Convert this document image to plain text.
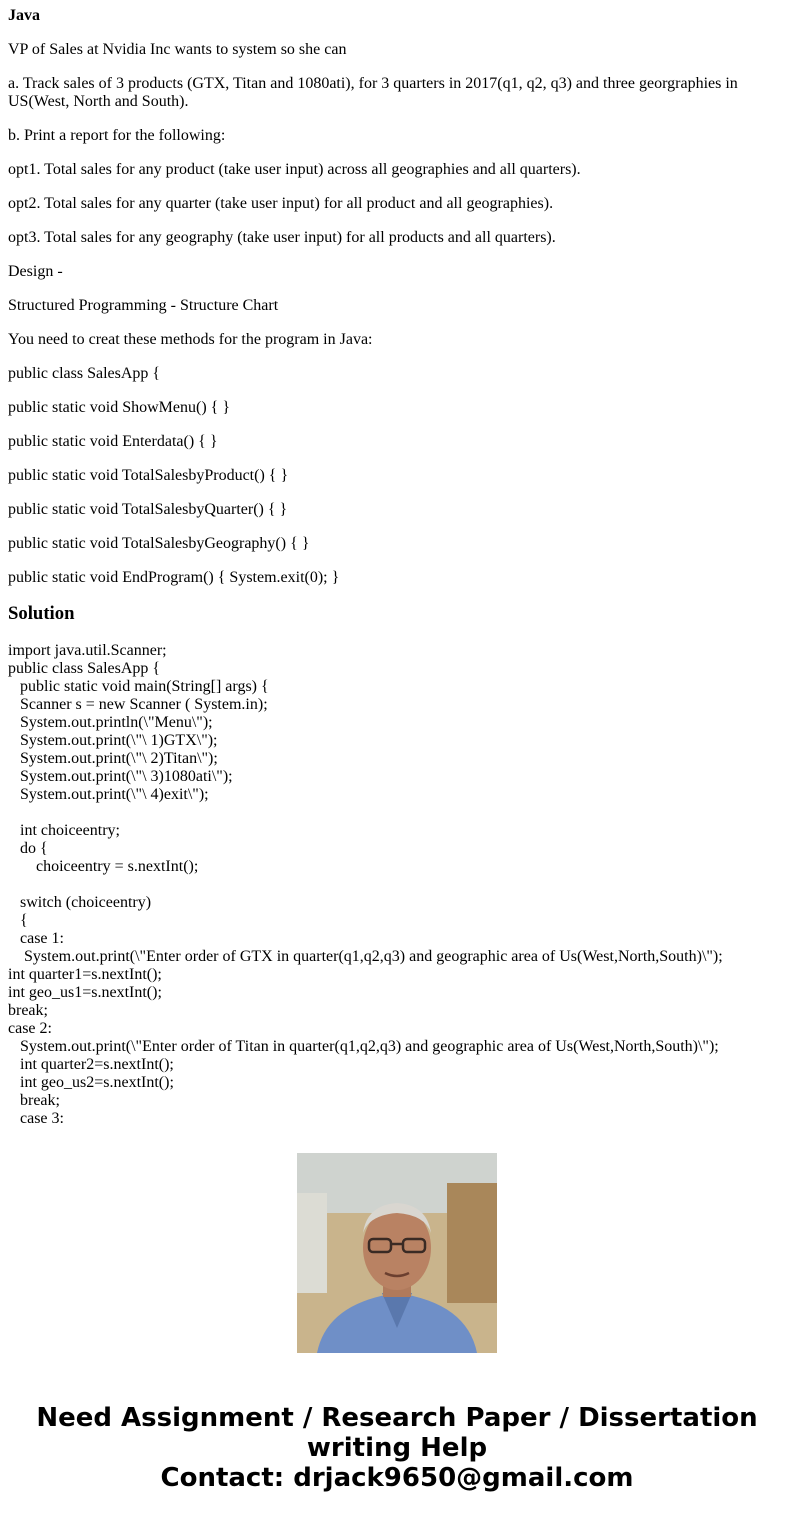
Java

VP of Sales at Nvidia Inc wants to system so she can

a. Track sales of 3 products (GTX, Titan and 1080ati), for 3 quarters in 2017(q1, q2, q3) and three georgraphies in US(West, North and South).

b. Print a report for the following:

opt1. Total sales for any product (take user input) across all geographies and all quarters).

opt2. Total sales for any quarter (take user input) for all product and all geographies).

opt3. Total sales for any geography (take user input) for all products and all quarters).

Design -

Structured Programming - Structure Chart

You need to creat these methods for the program in Java:

public class SalesApp {

public static void ShowMenu() { }

public static void Enterdata() { }

public static void TotalSalesbyProduct() { }

public static void TotalSalesbyQuarter() { }

public static void TotalSalesbyGeography() { }

public static void EndProgram() { System.exit(0); }

Solution
import java.util.Scanner;
public class SalesApp {
public static void main(String[] args) {
Scanner s = new Scanner ( System.in);
System.out.println(\"Menu\");
System.out.print(\"\ 1)GTX\");
System.out.print(\"\ 2)Titan\");
System.out.print(\"\ 3)1080ati\");
System.out.print(\"\ 4)exit\");

int choiceentry;
do {
choiceentry = s.nextInt();

switch (choiceentry)
{
case 1:
System.out.print(\"Enter order of GTX in quarter(q1,q2,q3) and geographic area of Us(West,North,South)\");
int quarter1=s.nextInt();
int geo_us1=s.nextInt();
break;
case 2:
System.out.print(\"Enter order of Titan in quarter(q1,q2,q3) and geographic area of Us(West,North,South)\");
int quarter2=s.nextInt();
int geo_us2=s.nextInt();
break;
case 3:
Need Assignment / Research Paper / Dissertation
writing Help
Contact: drjack9650@gmail.com
